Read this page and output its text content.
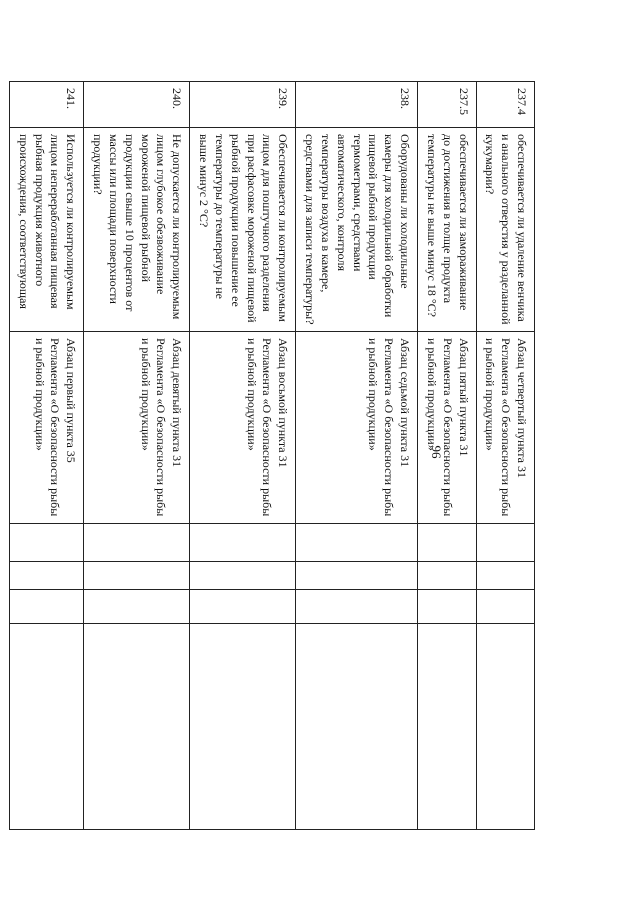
96
237.4	обеспечивается ли удаление венчика и анального отверстия у разделанной кукумарии?	Абзац четвертый пункта 31 Регламента «О безопасности рыбы и рыбной продукции»				
237.5	обеспечивается ли замораживание до достижения в толще продукта температуры не выше минус 18 °С?	Абзац пятый пункта 31 Регламента «О безопасности рыбы и рыбной продукции»				
238.	Оборудованы ли холодильные камеры для холодильной обработки пищевой рыбной продукции термометрами, средствами автоматического, контроля температуры воздуха в камере, средствами для записи температуры?	Абзац седьмой пункта 31 Регламента «О безопасности рыбы и рыбной продукции»				
239.	Обеспечивается ли контролируемым лицом для поштучного разделения при расфасовке мороженой пищевой рыбной продукции повышение ее температуры до температуры не выше минус 2 °С?	Абзац восьмой пункта 31 Регламента «О безопасности рыбы и рыбной продукции»				
240.	Не допускается ли контролируемым лицом глубокое обезвоживание мороженой пищевой рыбной продукции свыше 10 процентов от массы или площади поверхности продукции?	Абзац девятый пункта 31 Регламента «О безопасности рыбы и рыбной продукции»				
241.	Используется ли контролируемым лицом непереработанная пищевая рыбная продукция животного происхождения, соответствующая	Абзац первый пункта 35 Регламента «О безопасности рыбы и рыбной продукции»				
